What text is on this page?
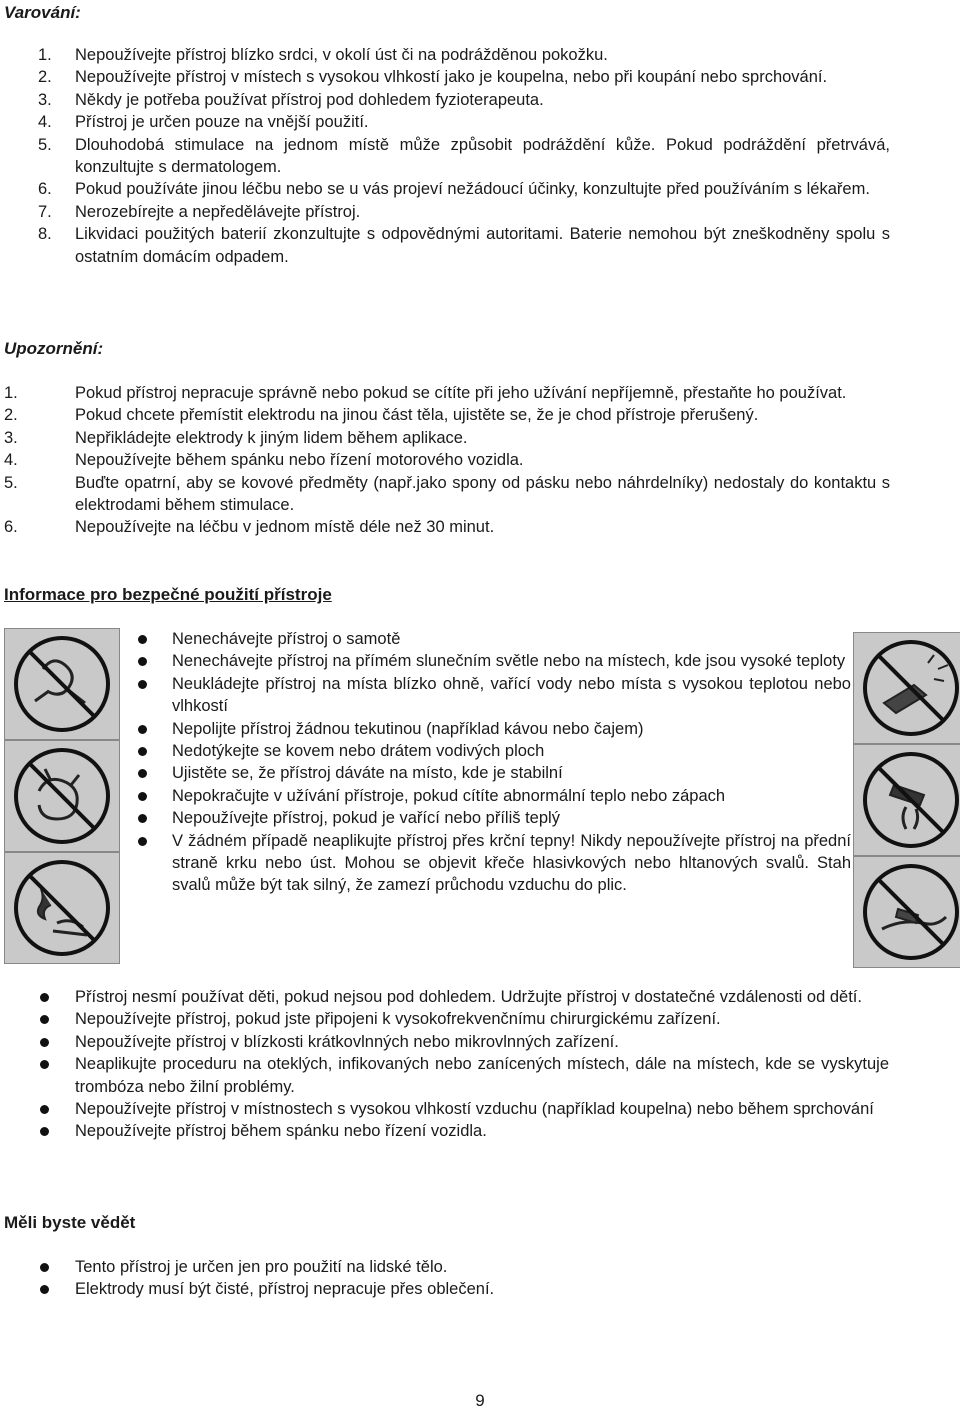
Varování:
1. Nepoužívejte přístroj blízko srdci, v okolí úst či na podrážděnou pokožku.
2. Nepoužívejte přístroj v místech s vysokou vlhkostí jako je koupelna, nebo při koupání nebo sprchování.
3. Někdy je potřeba používat přístroj pod dohledem fyzioterapeuta.
4. Přístroj je určen pouze na vnější použití.
5. Dlouhodobá stimulace na jednom místě může způsobit podráždění kůže. Pokud podráždění přetrvává, konzultujte s dermatologem.
6. Pokud používáte jinou léčbu nebo se u vás projeví nežádoucí účinky, konzultujte před používáním s lékařem.
7. Nerozebírejte a nepředělávejte přístroj.
8. Likvidaci použitých baterií zkonzultujte s odpovědnými autoritami. Baterie nemohou být zneškodněny spolu s ostatním domácím odpadem.
Upozornění:
1.	Pokud přístroj nepracuje správně nebo pokud se cítíte při jeho užívání nepříjemně, přestaňte ho používat.
2.	Pokud chcete přemístit elektrodu na jinou část těla, ujistěte se, že je chod přístroje přerušený.
3.	Nepřikládejte elektrody k jiným lidem během aplikace.
4.	Nepoužívejte během spánku nebo řízení motorového vozidla.
5.	Buďte opatrní, aby se kovové předměty (např.jako spony od pásku nebo náhrdelníky) nedostaly do kontaktu s elektrodami během stimulace.
6.	Nepoužívejte na léčbu v jednom místě déle než 30 minut.
Informace pro bezpečné použití přístroje
Nenechávejte přístroj o samotě
Nenechávejte přístroj na přímém slunečním světle nebo na místech, kde jsou vysoké teploty
Neukládejte přístroj na místa blízko ohně, vařící vody nebo místa s vysokou teplotou nebo vlhkostí
Nepolijte přístroj žádnou tekutinou (například kávou nebo čajem)
Nedotýkejte se kovem nebo drátem vodivých ploch
Ujistěte se, že přístroj dáváte na místo, kde je stabilní
Nepokračujte v užívání přístroje, pokud cítíte abnormální teplo nebo zápach
Nepoužívejte přístroj, pokud je vařící nebo příliš teplý
V žádném případě neaplikujte přístroj přes krční tepny! Nikdy nepoužívejte přístroj na přední straně krku nebo úst. Mohou se objevit křeče hlasivkových nebo hltanových svalů. Stah svalů může být tak silný, že zamezí průchodu vzduchu do plic.
Přístroj nesmí používat děti, pokud nejsou pod dohledem. Udržujte přístroj v dostatečné vzdálenosti od dětí.
Nepoužívejte přístroj, pokud jste připojeni k vysokofrekvenčnímu chirurgickému zařízení.
Nepoužívejte přístroj v blízkosti krátkovlnných nebo mikrovlnných zařízení.
Neaplikujte proceduru na oteklých, infikovaných nebo zanícených místech, dále na místech, kde se vyskytuje trombóza nebo žilní problémy.
Nepoužívejte přístroj v místnostech s vysokou vlhkostí vzduchu (například koupelna) nebo během sprchování
Nepoužívejte přístroj během spánku nebo řízení vozidla.
Měli byste vědět
Tento přístroj je určen jen pro použití na lidské tělo.
Elektrody musí být čisté, přístroj nepracuje přes oblečení.
9
